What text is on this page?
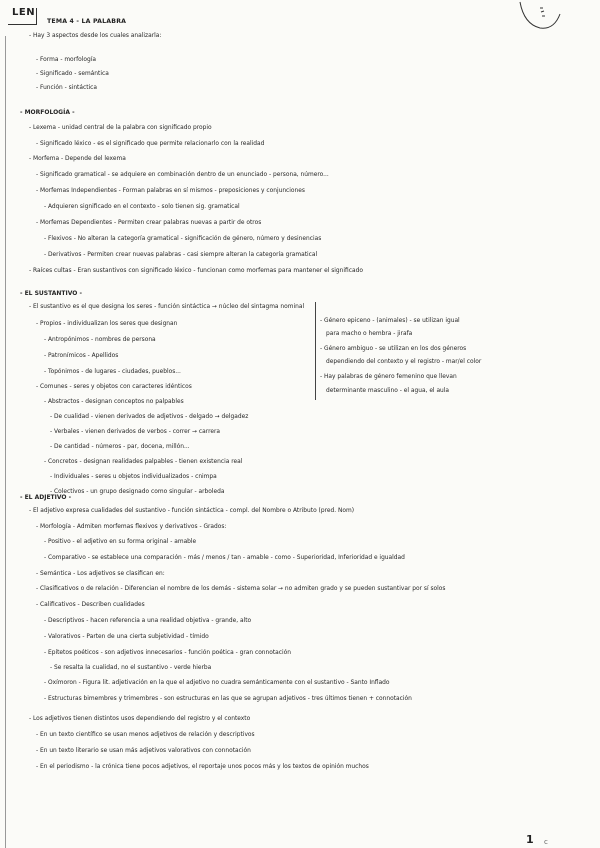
LEN
TEMA 4 - LA PALABRA
- Hay 3 aspectos desde los cuales analizarla:
- Forma - morfología
- Significado - semántica
- Función - sintáctica
- MORFOLOGÍA -
- Lexema - unidad central de la palabra con significado propio
- Significado léxico - es el significado que permite relacionarlo con la realidad
- Morfema - Depende del lexema
- Significado gramatical - se adquiere en combinación dentro de un enunciado - persona, número...
- Morfemas Independientes - Forman palabras en sí mismos - preposiciones y conjunciones
- Adquieren significado en el contexto - solo tienen sig. gramatical
- Morfemas Dependientes - Permiten crear palabras nuevas a partir de otros
- Flexivos - No alteran la categoría gramatical - significación de género, número y desinencias
- Derivativos - Permiten crear nuevas palabras - casi siempre alteran la categoría gramatical
- Raíces cultas - Eran sustantivos con significado léxico - funcionan como morfemas para mantener el significado
- EL SUSTANTIVO -
- El sustantivo es el que designa los seres - función sintáctica → núcleo del sintagma nominal
- Propios - individualizan los seres que designan
- Antropónimos - nombres de persona
- Patronímicos - Apellidos
- Topónimos - de lugares - ciudades, pueblos...
- Comunes - seres y objetos con caracteres idénticos
- Abstractos - designan conceptos no palpables
- De cualidad - vienen derivados de adjetivos - delgado → delgadez
- Verbales - vienen derivados de verbos - correr → carrera
- De cantidad - números - par, docena, millón...
- Concretos - designan realidades palpables - tienen existencia real
- Individuales - seres u objetos individualizados - cnimpa
- Colectivos - un grupo designado como singular - arboleda
- Género epiceno - (animales) - se utilizan igual
para macho o hembra - jirafa
- Género ambiguo - se utilizan en los dos géneros
dependiendo del contexto y el registro - mar/el color
- Hay palabras de género femenino que llevan
determinante masculino - el agua, el aula
- EL ADJETIVO -
- El adjetivo expresa cualidades del sustantivo - función sintáctica - compl. del Nombre o Atributo (pred. Nom)
- Morfología - Admiten morfemas flexivos y derivativos - Grados:
- Positivo - el adjetivo en su forma original - amable
- Comparativo - se establece una comparación - más / menos / tan - amable - como - Superioridad, Inferioridad e igualdad
- Semántica - Los adjetivos se clasifican en:
- Clasificativos o de relación - Diferencian el nombre de los demás - sistema solar → no admiten grado y se pueden sustantivar por sí solos
- Calificativos - Describen cualidades
- Descriptivos - hacen referencia a una realidad objetiva - grande, alto
- Valorativos - Parten de una cierta subjetividad - tímido
- Epítetos poéticos - son adjetivos innecesarios - función poética - gran connotación
- Se resalta la cualidad, no el sustantivo - verde hierba
- Oxímoron - Figura lit. adjetivación en la que el adjetivo no cuadra semánticamente con el sustantivo - Santo Inflado
- Estructuras bimembres y trimembres - son estructuras en las que se agrupan adjetivos - tres últimos tienen + connotación
- Los adjetivos tienen distintos usos dependiendo del registro y el contexto
- En un texto científico se usan menos adjetivos de relación y descriptivos
- En un texto literario se usan más adjetivos valorativos con connotación
- En el periodismo - la crónica tiene pocos adjetivos, el reportaje unos pocos más y los textos de opinión muchos
1 c
